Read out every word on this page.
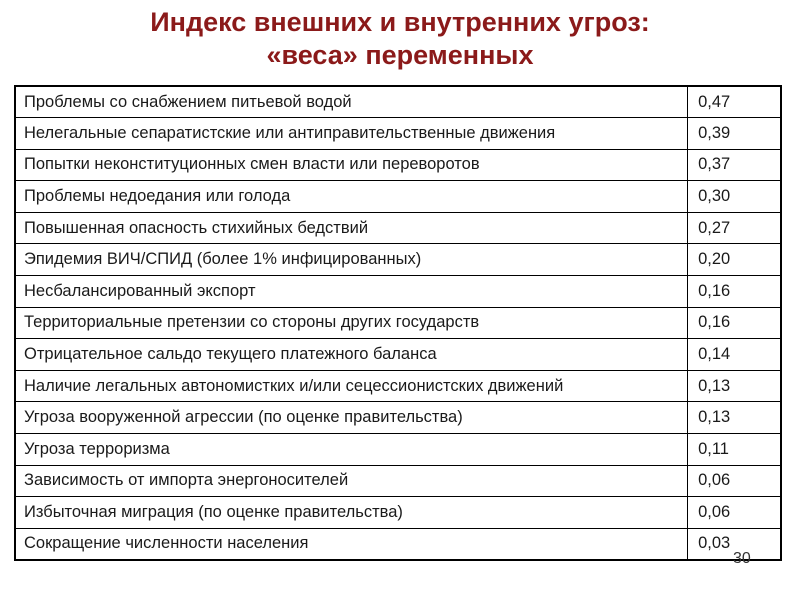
Индекс внешних и внутренних угроз:
«веса» переменных
Проблемы со снабжением питьевой водой	0,47
Нелегальные сепаратистские или антиправительственные движения	0,39
Попытки неконституционных смен власти или переворотов	0,37
Проблемы недоедания или голода	0,30
Повышенная опасность стихийных бедствий	0,27
Эпидемия ВИЧ/СПИД (более 1% инфицированных)	0,20
Несбалансированный экспорт	0,16
Территориальные претензии со стороны других государств	0,16
Отрицательное сальдо текущего платежного баланса	0,14
Наличие легальных автономистких и/или сецессионистских движений	0,13
Угроза вооруженной агрессии (по оценке правительства)	0,13
Угроза терроризма	0,11
Зависимость от импорта энергоносителей	0,06
Избыточная миграция (по оценке правительства)	0,06
Сокращение численности населения	0,03
30
